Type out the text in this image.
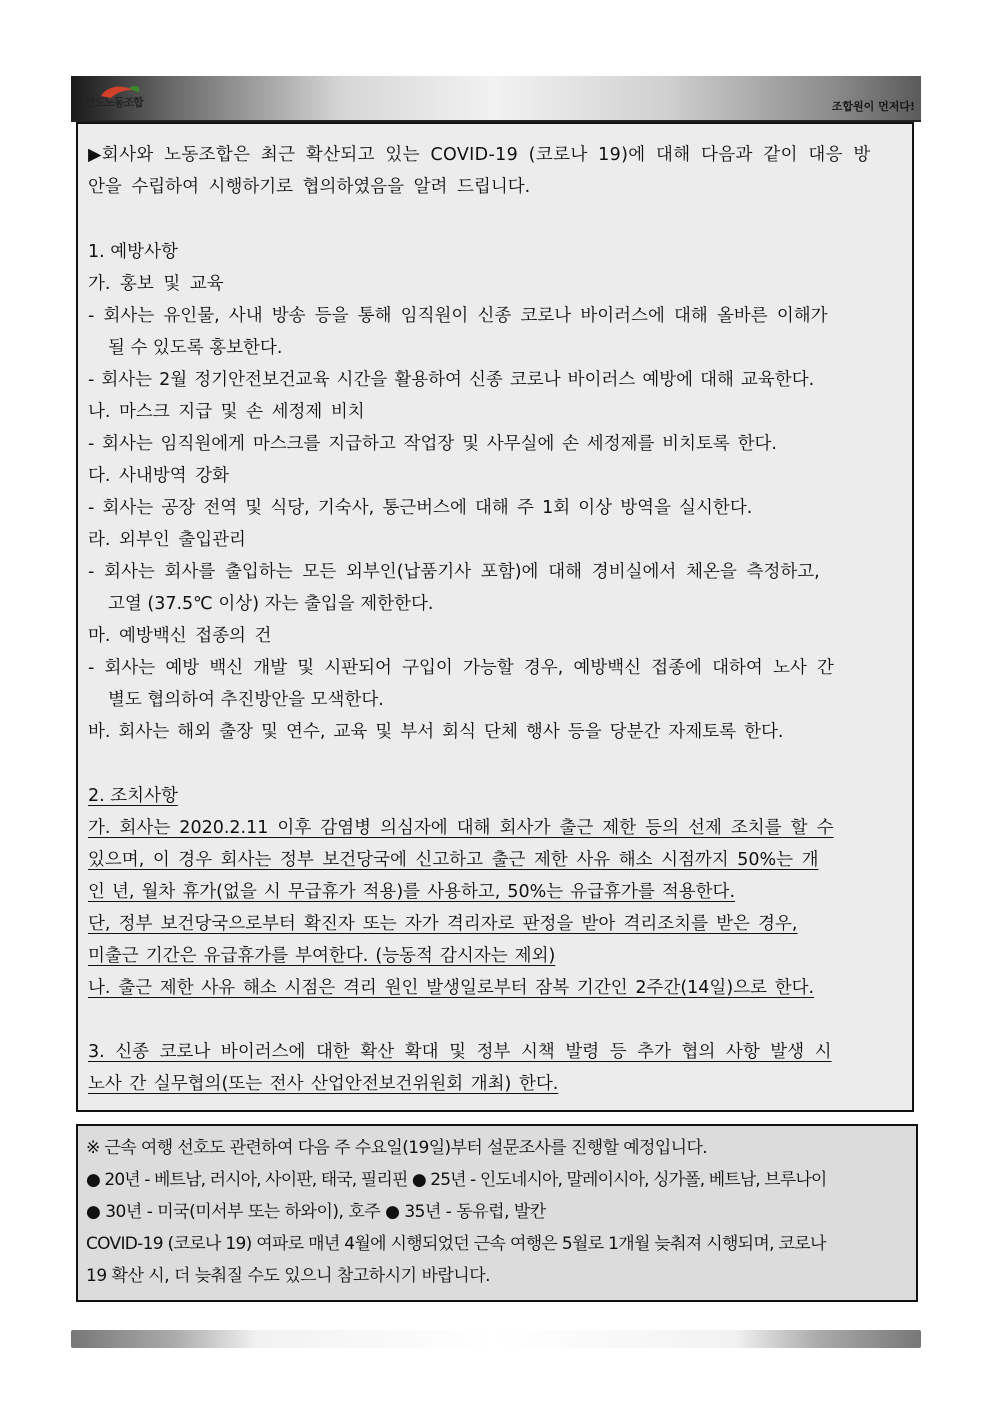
반도노동조합	조합원이 먼저다!
▶회사와 노동조합은 최근 확산되고 있는 COVID-19 (코로나 19)에 대해 다음과 같이 대응 방
안을 수립하여 시행하기로 협의하였음을 알려 드립니다.
1. 예방사항
가. 홍보 및 교육
- 회사는 유인물, 사내 방송 등을 통해 임직원이 신종 코로나 바이러스에 대해 올바른 이해가
될 수 있도록 홍보한다.
- 회사는 2월 정기안전보건교육 시간을 활용하여 신종 코로나 바이러스 예방에 대해 교육한다.
나. 마스크 지급 및 손 세정제 비치
- 회사는 임직원에게 마스크를 지급하고 작업장 및 사무실에 손 세정제를 비치토록 한다.
다. 사내방역 강화
- 회사는 공장 전역 및 식당, 기숙사, 통근버스에 대해 주 1회 이상 방역을 실시한다.
라. 외부인 출입관리
- 회사는 회사를 출입하는 모든 외부인(납품기사 포함)에 대해 경비실에서 체온을 측정하고,
고열 (37.5℃ 이상) 자는 출입을 제한한다.
마. 예방백신 접종의 건
- 회사는 예방 백신 개발 및 시판되어 구입이 가능할 경우, 예방백신 접종에 대하여 노사 간
별도 협의하여 추진방안을 모색한다.
바. 회사는 해외 출장 및 연수, 교육 및 부서 회식 단체 행사 등을 당분간 자제토록 한다.
2. 조치사항
가. 회사는 2020.2.11 이후 감염병 의심자에 대해 회사가 출근 제한 등의 선제 조치를 할 수
있으며, 이 경우 회사는 정부 보건당국에 신고하고 출근 제한 사유 해소 시점까지 50%는 개
인 년, 월차 휴가(없을 시 무급휴가 적용)를 사용하고, 50%는 유급휴가를 적용한다.
단, 정부 보건당국으로부터 확진자 또는 자가 격리자로 판정을 받아 격리조치를 받은 경우,
미출근 기간은 유급휴가를 부여한다. (능동적 감시자는 제외)
나. 출근 제한 사유 해소 시점은 격리 원인 발생일로부터 잠복 기간인 2주간(14일)으로 한다.
3. 신종 코로나 바이러스에 대한 확산 확대 및 정부 시책 발령 등 추가 협의 사항 발생 시
노사 간 실무협의(또는 전사 산업안전보건위원회 개최) 한다.
※ 근속 여행 선호도 관련하여 다음 주 수요일(19일)부터 설문조사를 진행할 예정입니다.
● 20년 - 베트남, 러시아, 사이판, 태국, 필리핀 ● 25년 - 인도네시아, 말레이시아, 싱가폴, 베트남, 브루나이
● 30년 - 미국(미서부 또는 하와이), 호주 ● 35년 - 동유럽, 발칸
COVID-19 (코로나 19) 여파로 매년 4월에 시행되었던 근속 여행은 5월로 1개월 늦춰져 시행되며, 코로나
19 확산 시, 더 늦춰질 수도 있으니 참고하시기 바랍니다.
